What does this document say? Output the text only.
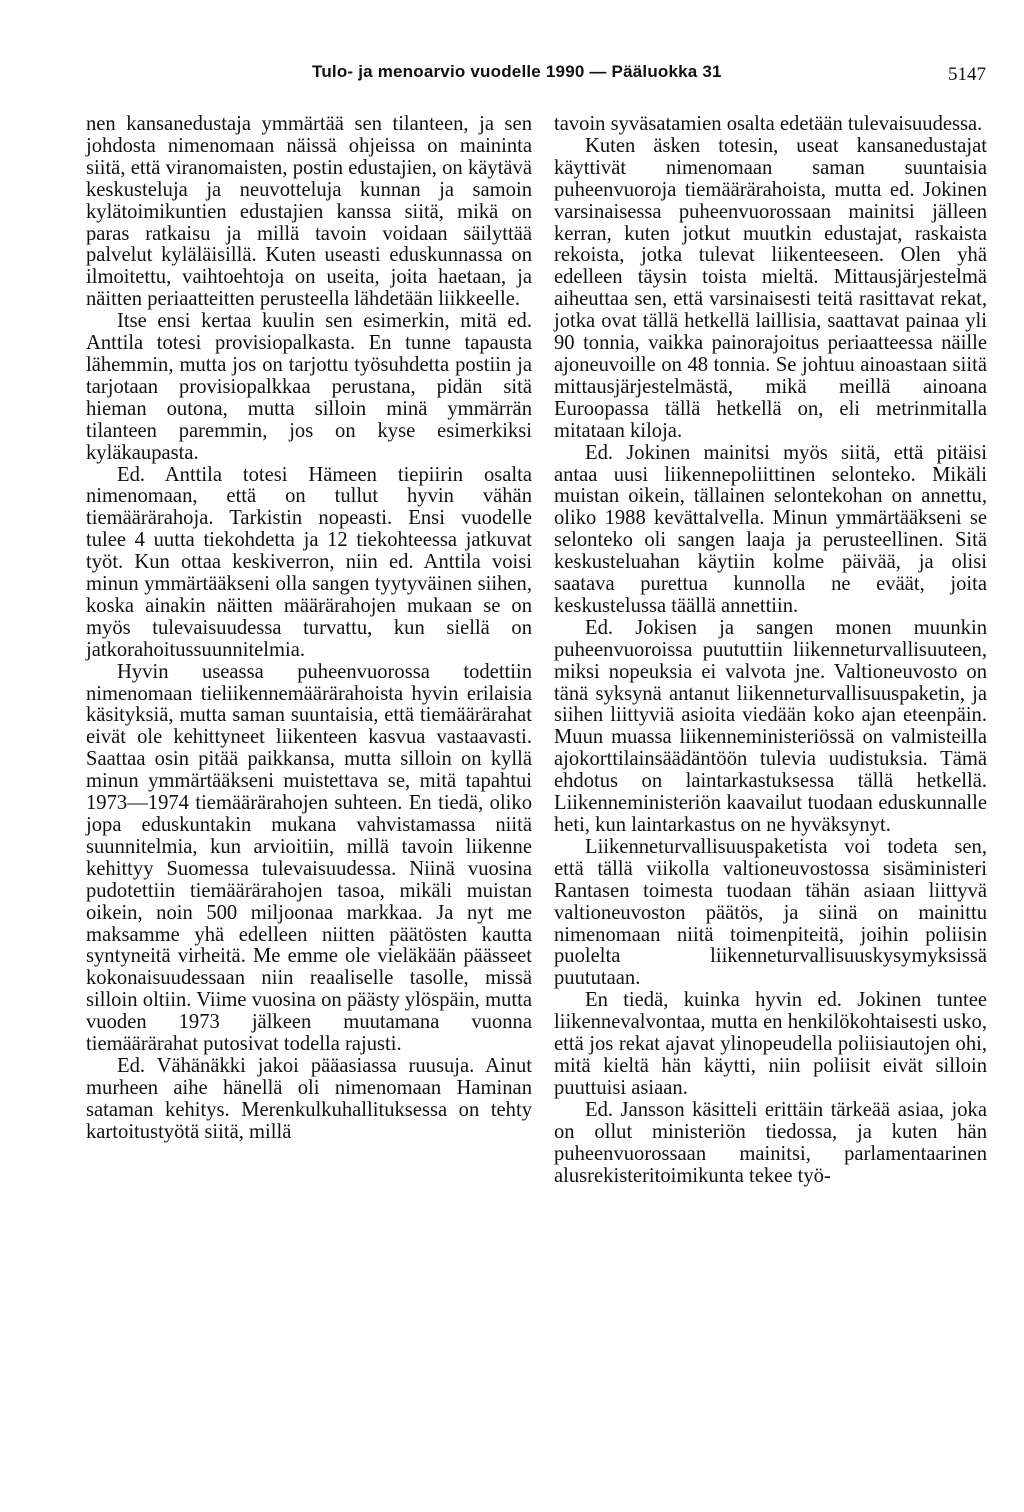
Tulo- ja menoarvio vuodelle 1990 — Pääluokka 31	5147

nen kansanedustaja ymmärtää sen tilanteen, ja sen johdosta nimenomaan näissä ohjeissa on maininta siitä, että viranomaisten, postin edustajien, on käytävä keskusteluja ja neuvotteluja kunnan ja samoin kylätoimikuntien edustajien kanssa siitä, mikä on paras ratkaisu ja millä tavoin voidaan säilyttää palvelut kyläläisillä. Kuten useasti eduskunnassa on ilmoitettu, vaihtoehtoja on useita, joita haetaan, ja näitten periaatteitten perusteella lähdetään liikkeelle.

Itse ensi kertaa kuulin sen esimerkin, mitä ed. Anttila totesi provisiopalkasta. En tunne tapausta lähemmin, mutta jos on tarjottu työsuhdetta postiin ja tarjotaan provisiopalkkaa perustana, pidän sitä hieman outona, mutta silloin minä ymmärrän tilanteen paremmin, jos on kyse esimerkiksi kyläkaupasta.

Ed. Anttila totesi Hämeen tiepiirin osalta nimenomaan, että on tullut hyvin vähän tiemäärärahoja. Tarkistin nopeasti. Ensi vuodelle tulee 4 uutta tiekohdetta ja 12 tiekohteessa jatkuvat työt. Kun ottaa keskiverron, niin ed. Anttila voisi minun ymmärtääkseni olla sangen tyytyväinen siihen, koska ainakin näitten määrärahojen mukaan se on myös tulevaisuudessa turvattu, kun siellä on jatkorahoitussuunnitelmia.

Hyvin useassa puheenvuorossa todettiin nimenomaan tieliikennemäärärahoista hyvin erilaisia käsityksiä, mutta saman suuntaisia, että tiemäärärahat eivät ole kehittyneet liikenteen kasvua vastaavasti. Saattaa osin pitää paikkansa, mutta silloin on kyllä minun ymmärtääkseni muistettava se, mitä tapahtui 1973—1974 tiemäärärahojen suhteen. En tiedä, oliko jopa eduskuntakin mukana vahvistamassa niitä suunnitelmia, kun arvioitiin, millä tavoin liikenne kehittyy Suomessa tulevaisuudessa. Niinä vuosina pudotettiin tiemäärärahojen tasoa, mikäli muistan oikein, noin 500 miljoonaa markkaa. Ja nyt me maksamme yhä edelleen niitten päätösten kautta syntyneitä virheitä. Me emme ole vieläkään päässeet kokonaisuudessaan niin reaaliselle tasolle, missä silloin oltiin. Viime vuosina on päästy ylöspäin, mutta vuoden 1973 jälkeen muutamana vuonna tiemäärärahat putosivat todella rajusti.

Ed. Vähänäkki jakoi pääasiassa ruusuja. Ainut murheen aihe hänellä oli nimenomaan Haminan sataman kehitys. Merenkulkuhallituksessa on tehty kartoitustyötä siitä, millä

tavoin syväsatamien osalta edetään tulevaisuudessa.

Kuten äsken totesin, useat kansanedustajat käyttivät nimenomaan saman suuntaisia puheenvuoroja tiemäärärahoista, mutta ed. Jokinen varsinaisessa puheenvuorossaan mainitsi jälleen kerran, kuten jotkut muutkin edustajat, raskaista rekoista, jotka tulevat liikenteeseen. Olen yhä edelleen täysin toista mieltä. Mittausjärjestelmä aiheuttaa sen, että varsinaisesti teitä rasittavat rekat, jotka ovat tällä hetkellä laillisia, saattavat painaa yli 90 tonnia, vaikka painorajoitus periaatteessa näille ajoneuvoille on 48 tonnia. Se johtuu ainoastaan siitä mittausjärjestelmästä, mikä meillä ainoana Euroopassa tällä hetkellä on, eli metrinmitalla mitataan kiloja.

Ed. Jokinen mainitsi myös siitä, että pitäisi antaa uusi liikennepoliittinen selonteko. Mikäli muistan oikein, tällainen selontekohan on annettu, oliko 1988 kevättalvella. Minun ymmärtääkseni se selonteko oli sangen laaja ja perusteellinen. Sitä keskusteluahan käytiin kolme päivää, ja olisi saatava purettua kunnolla ne eväät, joita keskustelussa täällä annettiin.

Ed. Jokisen ja sangen monen muunkin puheenvuoroissa puututtiin liikenneturvallisuuteen, miksi nopeuksia ei valvota jne. Valtioneuvosto on tänä syksynä antanut liikenneturvallisuuspaketin, ja siihen liittyviä asioita viedään koko ajan eteenpäin. Muun muassa liikenneministeriössä on valmisteilla ajokorttilainsäädäntöön tulevia uudistuksia. Tämä ehdotus on laintarkastuksessa tällä hetkellä. Liikenneministeriön kaavailut tuodaan eduskunnalle heti, kun laintarkastus on ne hyväksynyt.

Liikenneturvallisuuspaketista voi todeta sen, että tällä viikolla valtioneuvostossa sisäministeri Rantasen toimesta tuodaan tähän asiaan liittyvä valtioneuvoston päätös, ja siinä on mainittu nimenomaan niitä toimenpiteitä, joihin poliisin puolelta liikenneturvallisuuskysymyksissä puututaan.

En tiedä, kuinka hyvin ed. Jokinen tuntee liikennevalvontaa, mutta en henkilökohtaisesti usko, että jos rekat ajavat ylinopeudella poliisiautojen ohi, mitä kieltä hän käytti, niin poliisit eivät silloin puuttuisi asiaan.

Ed. Jansson käsitteli erittäin tärkeää asiaa, joka on ollut ministeriön tiedossa, ja kuten hän puheenvuorossaan mainitsi, parlamentaarinen alusrekisteritoimikunta tekee työ-
